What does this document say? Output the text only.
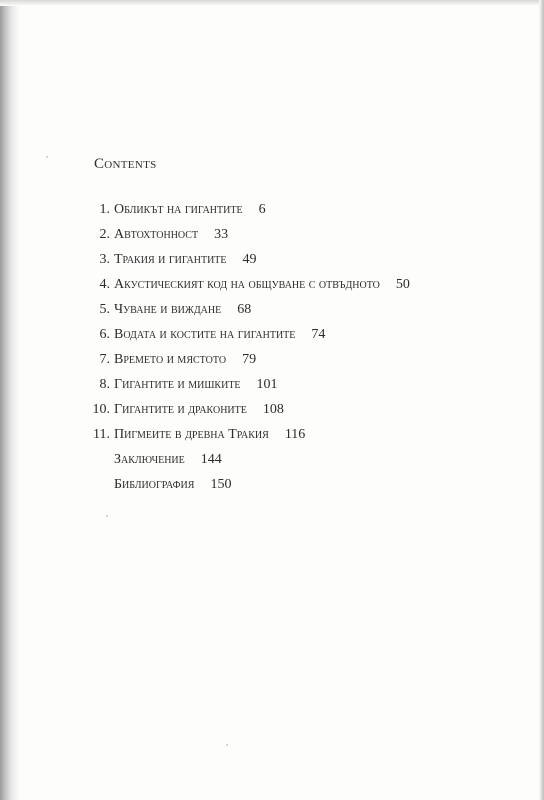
Contents
1. Обликът на гигантите 6
2. Автохтонност 33
3. Тракия и гигантите 49
4. Акустическият код на общуване с отвъдното 50
5. Чуване и виждане 68
6. Водата и костите на гигантите 74
7. Времето и мястото 79
8. Гигантите и мишките 101
10. Гигантите и драконите 108
11. Пигмеите в древна Тракия 116
Заключение 144
Библиография 150
